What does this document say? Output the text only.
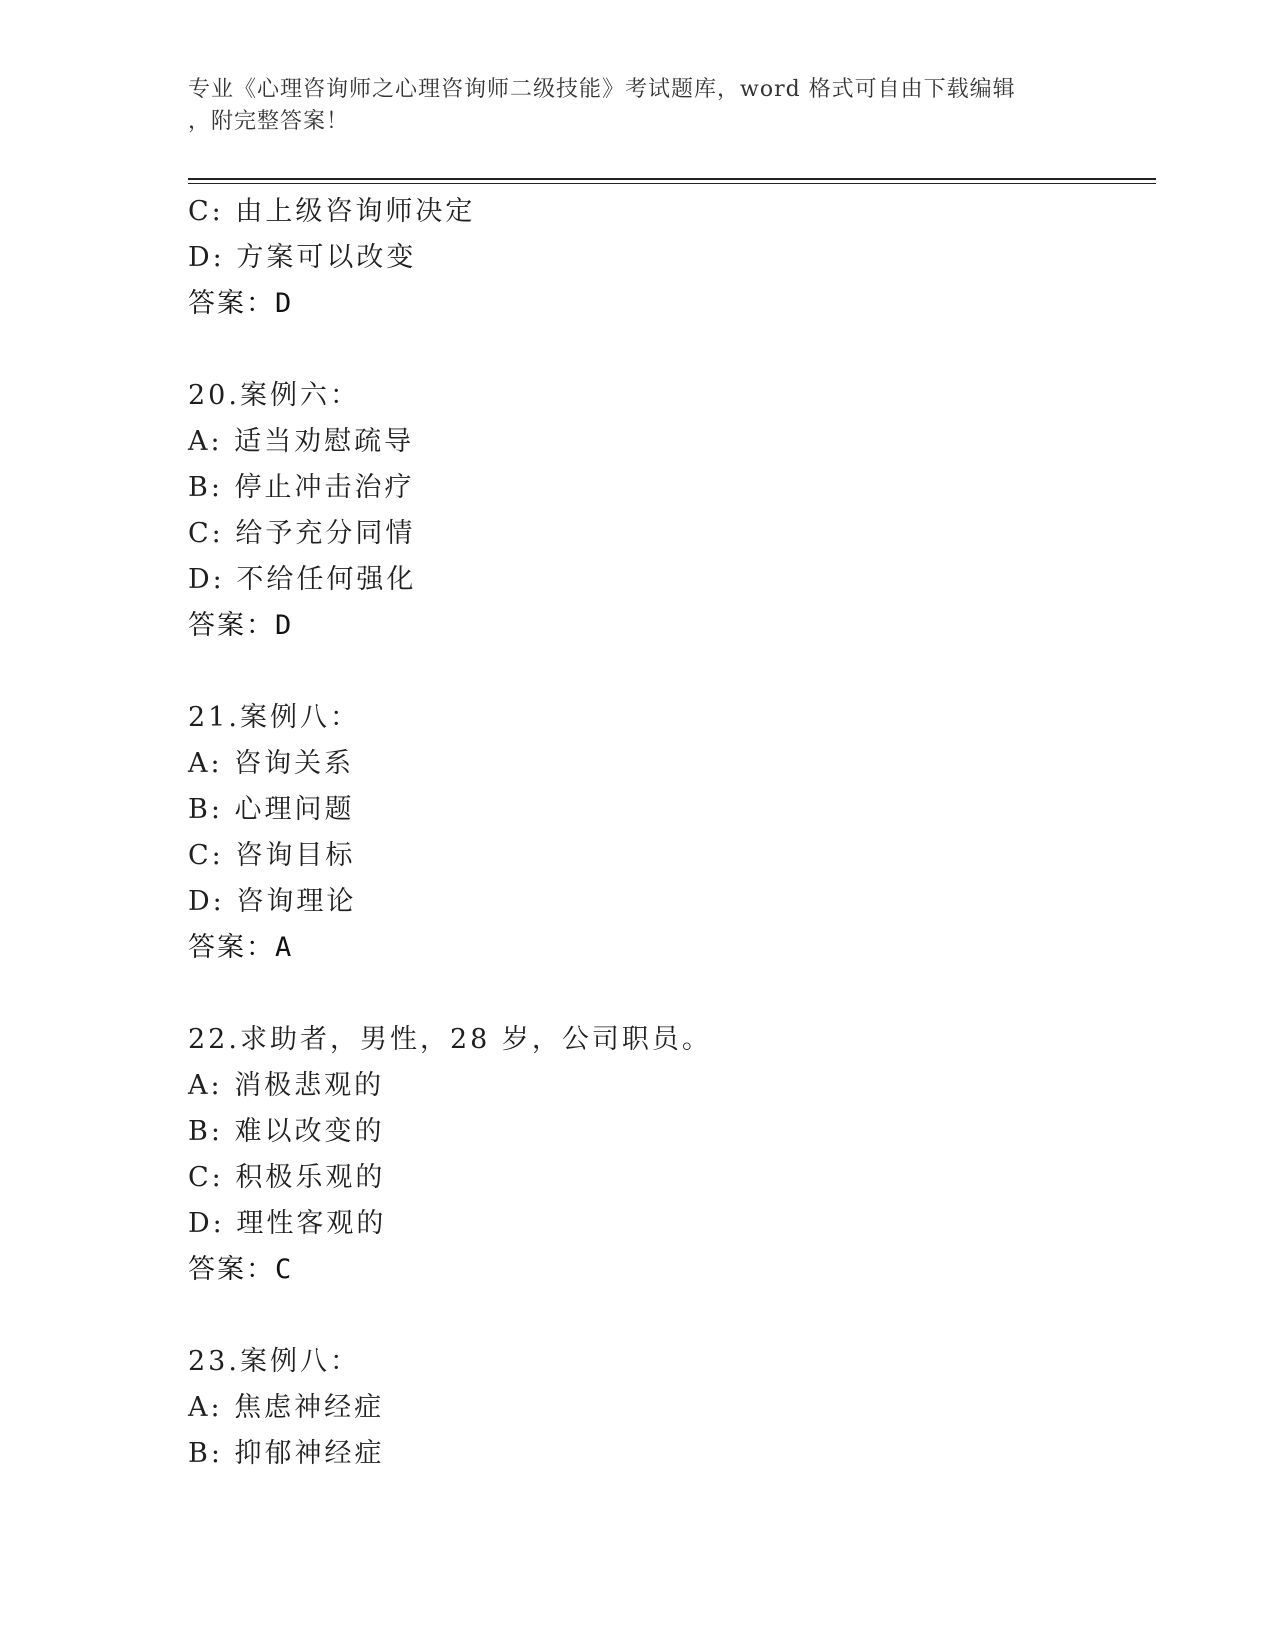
专业《心理咨询师之心理咨询师二级技能》考试题库，word 格式可自由下载编辑
，附完整答案！
C: 由上级咨询师决定
D: 方案可以改变
答案：D
20.案例六：
A: 适当劝慰疏导
B: 停止冲击治疗
C: 给予充分同情
D: 不给任何强化
答案：D
21.案例八：
A: 咨询关系
B: 心理问题
C: 咨询目标
D: 咨询理论
答案：A
22.求助者，男性，28 岁，公司职员。
A: 消极悲观的
B: 难以改变的
C: 积极乐观的
D: 理性客观的
答案：C
23.案例八：
A: 焦虑神经症
B: 抑郁神经症
